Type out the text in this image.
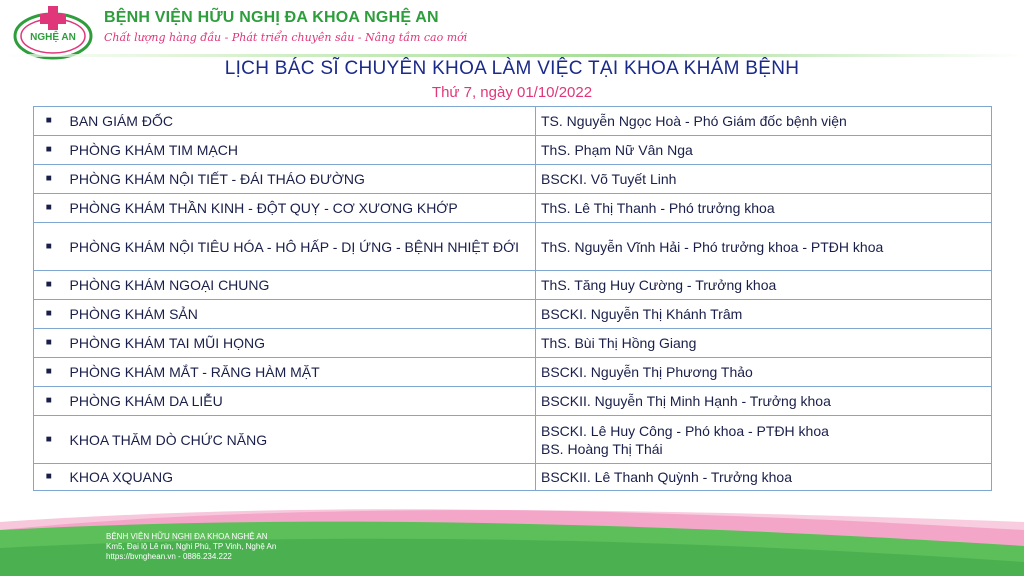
NGHỆ AN
BỆNH VIỆN HỮU NGHỊ ĐA KHOA NGHỆ AN
Chất lượng hàng đầu - Phát triển chuyên sâu - Nâng tầm cao mới
LỊCH BÁC SĨ CHUYÊN KHOA LÀM VIỆC TẠI KHOA KHÁM BỆNH
Thứ 7, ngày 01/10/2022
■	BAN GIÁM ĐỐC	TS. Nguyễn Ngọc Hoà - Phó Giám đốc bệnh viện

■	PHÒNG KHÁM TIM MẠCH	ThS. Phạm Nữ Vân Nga

■	PHÒNG KHÁM NỘI TIẾT - ĐÁI THÁO ĐƯỜNG	BSCKI. Võ Tuyết Linh

■	PHÒNG KHÁM THẦN KINH - ĐỘT QUỴ - CƠ XƯƠNG KHỚP	ThS. Lê Thị Thanh - Phó trưởng khoa

■	PHÒNG KHÁM NỘI TIÊU HÓA - HÔ HẤP - DỊ ỨNG - BỆNH NHIỆT ĐỚI	ThS. Nguyễn Vĩnh Hải - Phó trưởng khoa - PTĐH khoa

■	PHÒNG KHÁM NGOẠI CHUNG	ThS. Tăng Huy Cường - Trưởng khoa

■	PHÒNG KHÁM SẢN	BSCKI. Nguyễn Thị Khánh Trâm

■	PHÒNG KHÁM TAI MŨI HỌNG	ThS. Bùi Thị Hồng Giang

■	PHÒNG KHÁM MẮT - RĂNG HÀM MẶT	BSCKI. Nguyễn Thị Phương Thảo

■	PHÒNG KHÁM DA LIỄU	BSCKII. Nguyễn Thị Minh Hạnh - Trưởng khoa

■	KHOA THĂM DÒ CHỨC NĂNG	BSCKI. Lê Huy Công - Phó khoa - PTĐH khoa
BS. Hoàng Thị Thái

■	KHOA XQUANG	BSCKII. Lê Thanh Quỳnh - Trưởng khoa
BỆNH VIỆN HỮU NGHỊ ĐA KHOA NGHỆ AN
Km5, Đại lộ Lê nin, Nghi Phú, TP Vinh, Nghệ An
https://bvnghean.vn - 0886.234.222
